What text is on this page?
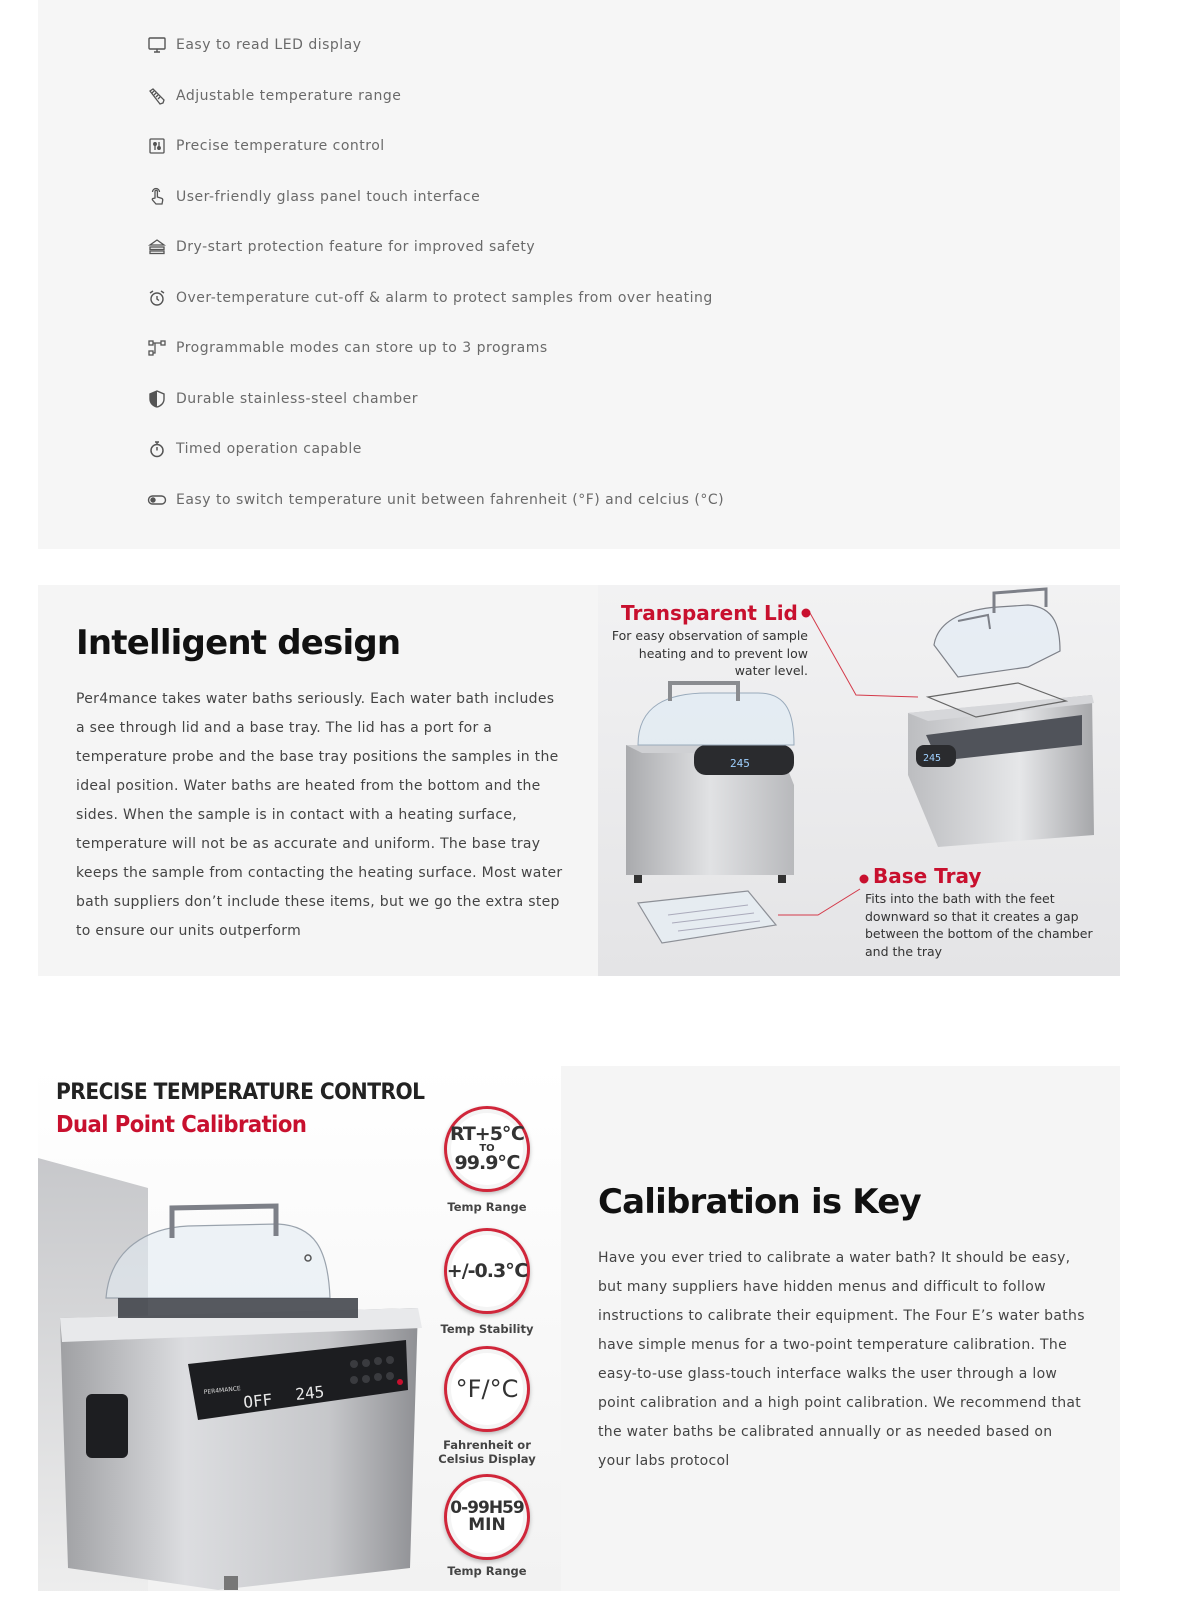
Easy to read LED display
Adjustable temperature range
Precise temperature control
User-friendly glass panel touch interface
Dry-start protection feature for improved safety
Over-temperature cut-off & alarm to protect samples from over heating
Programmable modes can store up to 3 programs
Durable stainless-steel chamber
Timed operation capable
Easy to switch temperature unit between fahrenheit (°F) and celcius (°C)
Intelligent design

Per4mance takes water baths seriously. Each water bath includes a see through lid and a base tray. The lid has a port for a temperature probe and the base tray positions the samples in the ideal position. Water baths are heated from the bottom and the sides. When the sample is in contact with a heating surface, temperature will not be as accurate and uniform. The base tray keeps the sample from contacting the heating surface. Most water bath suppliers don’t include these items, but we go the extra step to ensure our units outperform

245	245
Transparent Lid
For easy observation of sample
heating and to prevent low
water level.
Base Tray
Fits into the bath with the feet
downward so that it creates a gap
between the bottom of the chamber
and the tray
PRECISE TEMPERATURE CONTROL
Dual Point Calibration
OFF 245
PER4MANCE
RT+5℃
TO
99.9℃
Temp Range
+/-0.3℃
Temp Stability
°F/°C
Fahrenheit or Celsius Display
0-99H59
MIN
Temp Range
Calibration is Key

Have you ever tried to calibrate a water bath? It should be easy, but many suppliers have hidden menus and difficult to follow instructions to calibrate their equipment. The Four E’s water baths have simple menus for a two-point temperature calibration. The easy-to-use glass-touch interface walks the user through a low point calibration and a high point calibration. We recommend that the water baths be calibrated annually or as needed based on your labs protocol
